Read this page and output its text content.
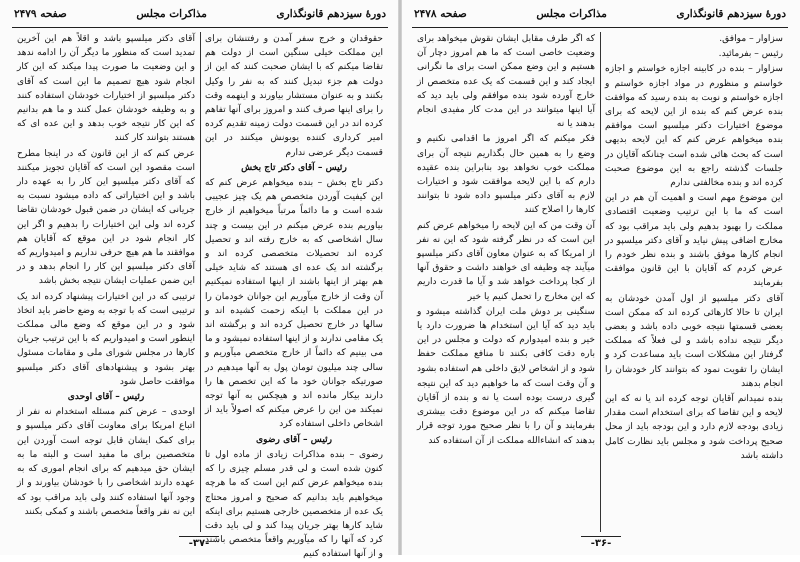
دورهٔ سیزدهم قانونگذاری
مذاکرات مجلس
صفحه ۲۴۷۹

حقوقدان و خرج سفر آمدن و رفتنشان برای این مملکت خیلی سنگین است از دولت هم تقاضا میکنم که با ایشان صحبت کنند که این از دولت هم جزء تبدیل کنند که به نفر را وکیل بکنند و به عنوان مستشار بیاورند و اینهمه وقت را برای اینها صرف کنند و امروز برای آنها تفاهم کرده اند در این قسمت دولت زمینه تقدیم کرده امیر کرداری کننده یوبونش میکنند در این قسمت دیگر عرضی ندارم

رئیس – آقای دکتر تاج بخش

دکتر تاج بخش – بنده میخواهم عرض کنم که این کیفیت آوردن متخصص هم یک چیز عجیبی شده است و ما دائماً مرتباً میخواهیم از خارج بیاوریم بنده عرض میکنم در این بیست و چند سال اشخاصی که به خارج رفته اند و تحصیل کرده اند تحصیلات متخصصی کرده اند و برگشته اند یک عده ای هستند که شاید خیلی هم بهتر از اینها باشند از اینها استفاده نمیکنیم آن وقت از خارج میآوریم این جوانان خودمان را در این مملکت با اینکه زحمت کشیده اند و سالها در خارج تحصیل کرده اند و برگشته اند یک مقامی ندارند و از اینها استفاده نمیشود و ما می بینیم که دائماً از خارج متخصص میآوریم و سالی چند میلیون تومان پول به آنها میدهیم در صورتیکه جوانان خود ما که این تخصص ها را دارند بیکار مانده اند و هیچکس به آنها توجه نمیکند من این را عرض میکنم که اصولاً باید از اشخاص داخلی استفاده کرد

رئیس – آقای رضوی

رضوی – بنده مذاکرات زیادی از ماده اول تا کنون شده است و لی قدر مسلم چیزی را که بنده میخواهم عرض کنم این است که ما هرچه میخواهیم باید بدانیم که صحیح و امروز محتاج یک عده از متخصصین خارجی هستیم برای اینکه شاید کارها بهتر جریان پیدا کند و لی باید دقت کرد که آنها را که میآوریم واقعاً متخصص باشند و از آنها استفاده کنیم

آقای دکتر میلسپو باشد و اقلاً هم این آخرین تمدید است که منظور ما دیگر آن را ادامه ندهد و این وضعیت ما صورت پیدا میکند که این کار انجام شود هیچ تصمیم ما این است که آقای دکتر میلسپو از اختیارات خودشان استفاده کنند و به وظیفه خودشان عمل کنند و ما هم بدانیم که این کار نتیجه خوب بدهد و این عده ای که هستند بتوانند کار کنند

عرض کنم که از این قانون که در اینجا مطرح است مقصود این است که آقایان تجویز میکنند که آقای دکتر میلسپو این کار را به عهده دار باشد و این اختیاراتی که داده میشود نسبت به جریانی که ایشان در ضمن قبول خودشان تقاضا کرده اند ولی این اختیارات را بدهیم و اگر این کار انجام شود در این موقع که آقایان هم موافقند ما هم هیچ حرفی نداریم و امیدواریم که آقای دکتر میلسپو این کار را انجام بدهد و در این ضمن عملیات ایشان نتیجه بخش باشد

ترتیبی که در این اختیارات پیشنهاد کرده اند یک ترتیبی است که با توجه به وضع حاضر باید اتخاذ شود و در این موقع که وضع مالی مملکت اینطور است و امیدواریم که با این ترتیب جریان کارها در مجلس شورای ملی و مقامات مسئول بهتر بشود و پیشنهادهای آقای دکتر میلسپو موافقت حاصل شود

رئیس – آقای اوحدی

اوحدی – عرض کنم مسئله استخدام نه نفر از اتباع امریکا برای معاونت آقای دکتر میلسپو و برای کمک ایشان قابل توجه است آوردن این متخصصین برای ما مفید است و البته ما به ایشان حق میدهیم که برای انجام اموری که به عهده دارند اشخاصی را با خودشان بیاورند و از وجود آنها استفاده کنند ولی باید مراقب بود که این نه نفر واقعاً متخصص باشند و کمکی بکنند

-۳۷-
دورهٔ سیزدهم قانونگذاری
مذاکرات مجلس
صفحه ۲۴۷۸

سزاوار – موافق.

رئیس – بفرمائید.

سزاوار – بنده در کابینه اجازه خواستم و اجازه خواستم و منظورم در مواد اجازه خواستم و اجازه خواستم و نوبت به بنده رسید که موافقت بنده عرض کنم که بنده از این لایحه که برای موضوع اختیارات دکتر میلسپو است موافقم بنده میخواهم عرض کنم که این لایحه بدیهی است که بحث هائی شده است چنانکه آقایان در جلسات گذشته راجع به این موضوع صحبت کرده اند و بنده مخالفتی ندارم

این موضوع مهم است و اهمیت آن هم در این است که ما با این ترتیب وضعیت اقتصادی مملکت را بهبود بدهیم ولی باید مراقب بود که مخارج اضافی پیش نیاید و آقای دکتر میلسپو در انجام کارها موفق باشند و بنده نظر خودم را عرض کردم که آقایان با این قانون موافقت بفرمایند

آقای دکتر میلسپو از اول آمدن خودشان به ایران تا حالا کارهائی کرده اند که ممکن است بعضی قسمتها نتیجه خوبی داده باشد و بعضی دیگر نتیجه نداده باشد و لی فعلاً که مملکت گرفتار این مشکلات است باید مساعدت کرد و ایشان را تقویت نمود که بتوانند کار خودشان را انجام بدهند

بنده نمیدانم آقایان توجه کرده اند یا نه که این لایحه و این تقاضا که برای استخدام است مقدار زیادی بودجه لازم دارد و این بودجه باید از محل صحیح پرداخت شود و مجلس باید نظارت کامل داشته باشد

که اگر طرف مقابل ایشان نقوش میخواهد برای وضعیت خاصی است که ما هم امروز دچار آن هستیم و این وضع ممکن است برای ما نگرانی ایجاد کند و این قسمت که یک عده متخصص از خارج آورده شود بنده موافقم ولی باید دید که آیا اینها میتوانند در این مدت کار مفیدی انجام بدهند یا نه

فکر میکنم که اگر امروز ما اقدامی نکنیم و وضع را به همین حال بگذاریم نتیجه آن برای مملکت خوب نخواهد بود بنابراین بنده عقیده دارم که با این لایحه موافقت شود و اختیارات لازم به آقای دکتر میلسپو داده شود تا بتوانند کارها را اصلاح کنند

آن وقت من که این لایحه را میخواهم عرض کنم این است که در نظر گرفته شود که این نه نفر از امریکا که به عنوان معاون آقای دکتر میلسپو میآیند چه وظیفه ای خواهند داشت و حقوق آنها از کجا پرداخت خواهد شد و آیا ما قدرت داریم که این مخارج را تحمل کنیم یا خیر

سنگینی بر دوش ملت ایران گذاشته میشود و باید دید که آیا این استخدام ها ضرورت دارد یا خیر و بنده امیدوارم که دولت و مجلس در این باره دقت کافی بکنند تا منافع مملکت حفظ شود و از اشخاص لایق داخلی هم استفاده بشود

و آن وقت است که ما خواهیم دید که این نتیجه گیری درست بوده است یا نه و بنده از آقایان تقاضا میکنم که در این موضوع دقت بیشتری بفرمایند و آن را با نظر صحیح مورد توجه قرار بدهند که انشاءالله مملکت از آن استفاده کند

-۳۶-
